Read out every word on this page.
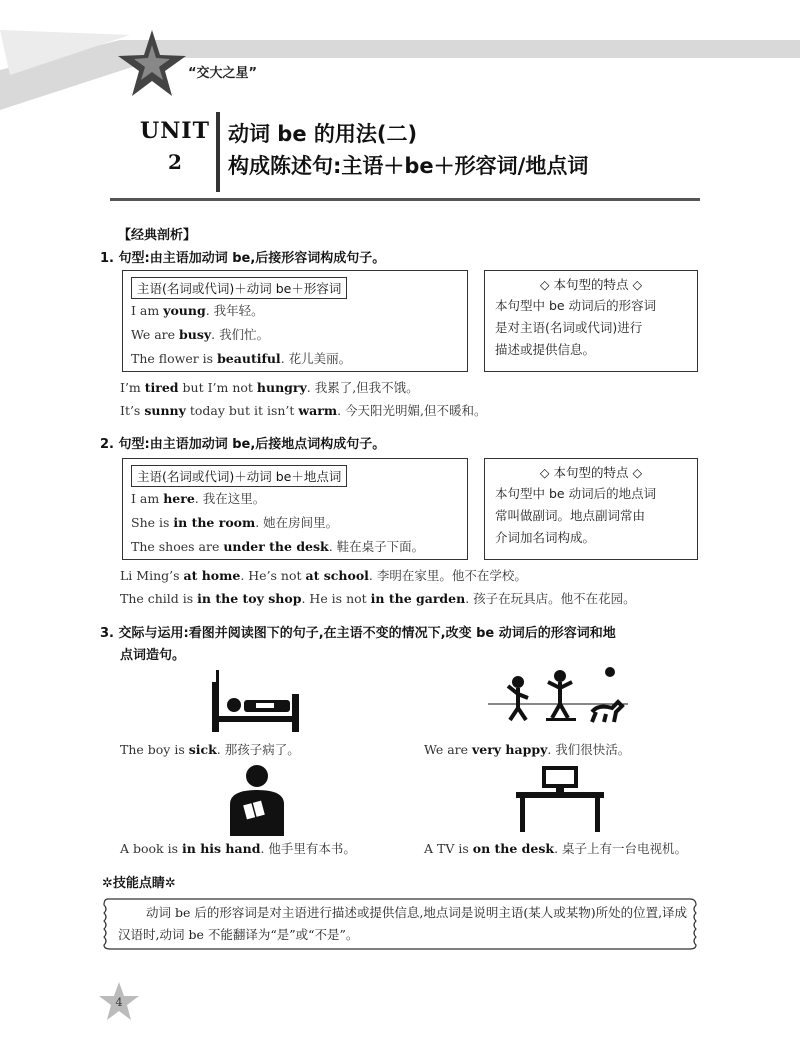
“交大之星”
UNIT
2
动词 be 的用法(二)
构成陈述句:主语＋be＋形容词/地点词
【经典剖析】
1. 句型:由主语加动词 be,后接形容词构成句子。
主语(名词或代词)＋动词 be＋形容词
I am young. 我年轻。
We are busy. 我们忙。
The flower is beautiful. 花儿美丽。
◇ 本句型的特点 ◇
本句型中 be 动词后的形容词
是对主语(名词或代词)进行
描述或提供信息。
I’m tired but I’m not hungry. 我累了,但我不饿。
It’s sunny today but it isn’t warm. 今天阳光明媚,但不暖和。
2. 句型:由主语加动词 be,后接地点词构成句子。
主语(名词或代词)＋动词 be＋地点词
I am here. 我在这里。
She is in the room. 她在房间里。
The shoes are under the desk. 鞋在桌子下面。
◇ 本句型的特点 ◇
本句型中 be 动词后的地点词
常叫做副词。地点副词常由
介词加名词构成。
Li Ming’s at home. He’s not at school. 李明在家里。他不在学校。
The child is in the toy shop. He is not in the garden. 孩子在玩具店。他不在花园。
3. 交际与运用:看图并阅读图下的句子,在主语不变的情况下,改变 be 动词后的形容词和地
点词造句。
The boy is sick. 那孩子病了。	We are very happy. 我们很快活。
A book is in his hand. 他手里有本书。	A TV is on the desk. 桌子上有一台电视机。
✲技能点睛✲
动词 be 后的形容词是对主语进行描述或提供信息,地点词是说明主语(某人或某物)所处的位置,译成汉语时,动词 be 不能翻译为“是”或“不是”。
4
